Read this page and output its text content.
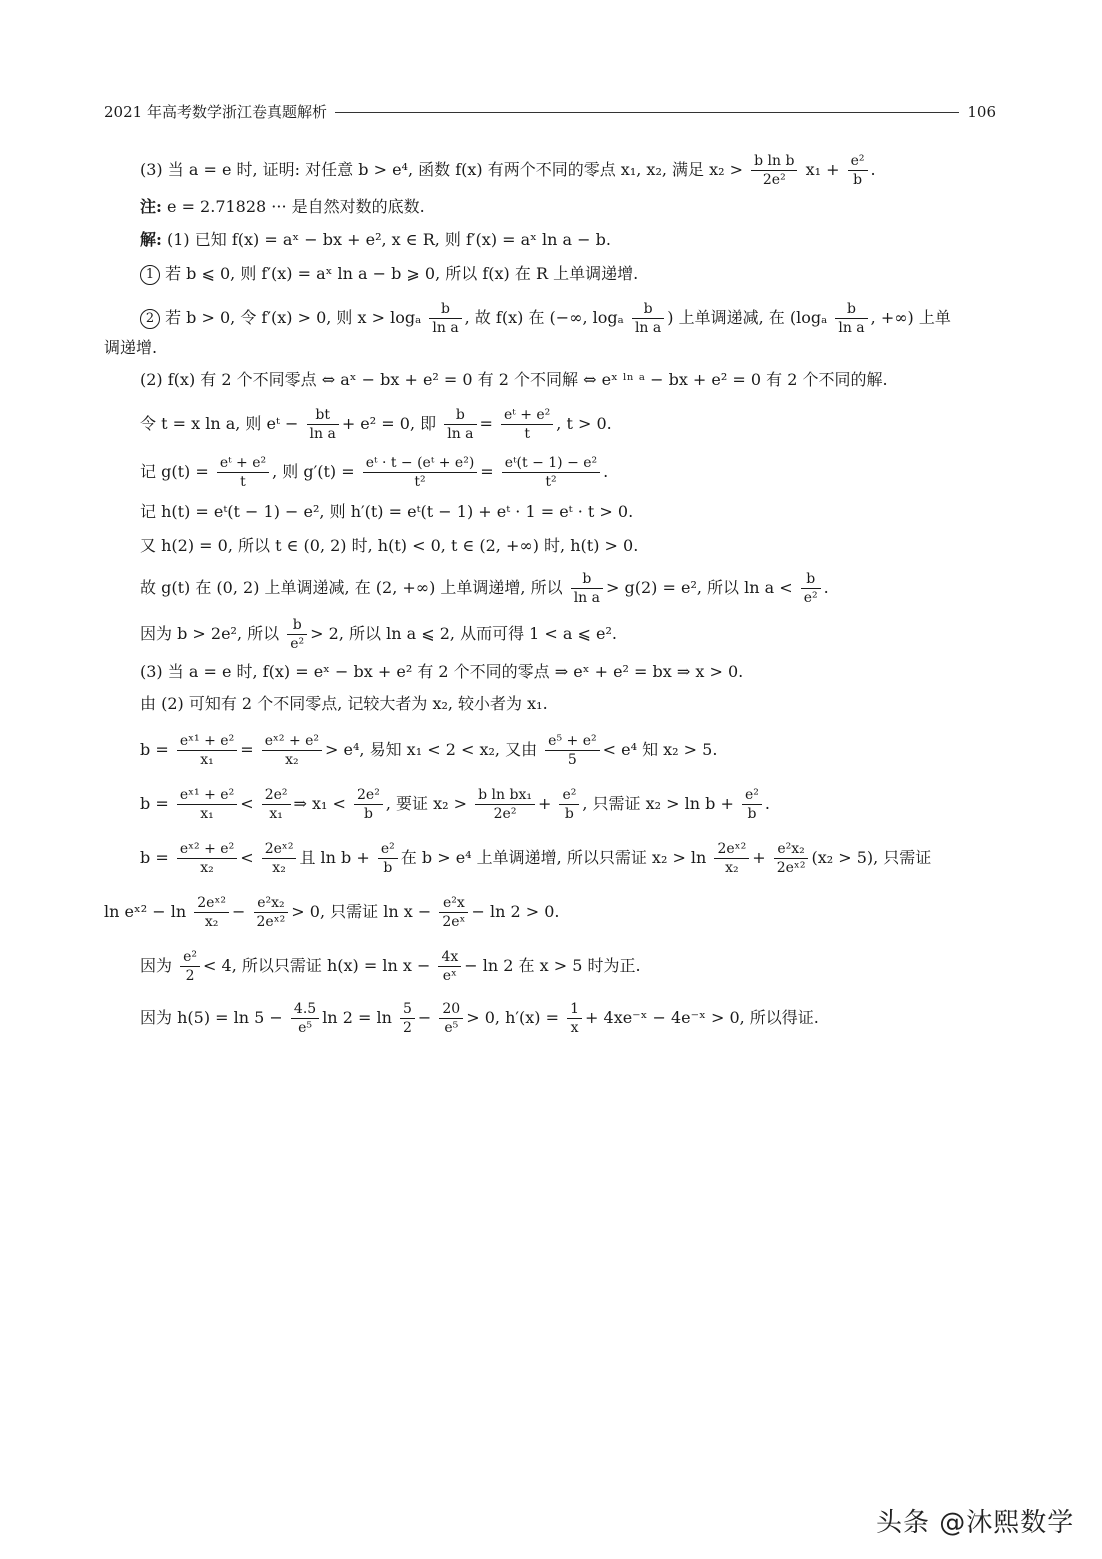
2021 年高考数学浙江卷真题解析	106
(3) 当 a = e 时, 证明: 对任意 b > e⁴, 函数 f(x) 有两个不同的零点 x₁, x₂, 满足 $x_2 > \frac{\text{b ln b}}{\text{2e²}} x_1 + \frac{\text{e²}}{b}$ .
注: e = 2.71828 ··· 是自然对数的底数.
解: (1) 已知 f(x) = aˣ − bx + e², x ∈ R, 则 f′(x) = aˣ ln a − b.
1 若 b ⩽ 0, 则 f′(x) = aˣ ln a − b ⩾ 0, 所以 f(x) 在 R 上单调递增.
2 若 b > 0, 令 f′(x) > 0, 则 x > logₐ $\frac{b}{\text{ln a}}$ , 故 f(x) 在 (−∞, logₐ $\frac{b}{\text{ln a}}$ ) 上单调递减, 在 ($\log_a \frac{b}{\text{ln a}}$ , +∞) 上单
调递增.
(2) f(x) 有 2 个不同零点 ⇔ aˣ − bx + e² = 0 有 2 个不同解 ⇔ eˣ ˡⁿ ᵃ − bx + e² = 0 有 2 个不同的解.
令 t = x ln a, 则 eᵗ − $\frac{bt}{\text{ln a}} + e^2 = 0$, 即 $\frac{b}{\text{ln a}} = \frac{\text{eᵗ + e²}}{t}$ , t > 0.
记 $g(t) = \frac{\text{eᵗ + e²}}{t}$ , 则 $g'(t) = \frac{\text{eᵗ · t − (eᵗ + e²)}}{\text{t²}} = \frac{\text{eᵗ(t − 1) − e²}}{\text{t²}}$ .
记 h(t) = eᵗ(t − 1) − e², 则 h′(t) = eᵗ(t − 1) + eᵗ · 1 = eᵗ · t > 0.
又 h(2) = 0, 所以 t ∈ (0, 2) 时, h(t) < 0, t ∈ (2, +∞) 时, h(t) > 0.
故 g(t) 在 (0, 2) 上单调递减, 在 (2, +∞) 上单调递增, 所以 $\frac{b}{\text{ln a}} > g(2) = e^2$, 所以 $\ln a < \frac{b}{\text{e²}}$ .
因为 b > 2e², 所以 $\frac{b}{\text{e²}} > 2$, 所以 ln a ⩽ 2, 从而可得 1 < a ⩽ e².
(3) 当 a = e 时, f(x) = eˣ − bx + e² 有 2 个不同的零点 ⇒ eˣ + e² = bx ⇒ x > 0.
由 (2) 可知有 2 个不同零点, 记较大者为 x₂, 较小者为 x₁.
$b = \frac{\text{eˣ¹ + e²}}{\text{x₁}} = \frac{\text{eˣ² + e²}}{\text{x₂}} > e^4$, 易知 x₁ < 2 < x₂, 又由 $\frac{\text{e⁵ + e²}}{5} < e^4$ 知 x₂ > 5.
$b = \frac{\text{eˣ¹ + e²}}{\text{x₁}} < \frac{\text{2e²}}{\text{x₁}}$ ⇒ $x_1 < \frac{\text{2e²}}{b}$ , 要证 $x_2 > \frac{\text{b ln bx₁}}{\text{2e²}} + \frac{\text{e²}}{b}$ , 只需证 $x_2 > \ln b + \frac{\text{e²}}{b}$ .
$b = \frac{\text{eˣ² + e²}}{\text{x₂}} < \frac{\text{2eˣ²}}{\text{x₂}}$ 且 $\ln b + \frac{\text{e²}}{b}$ 在 b > e⁴ 上单调递增, 所以只需证 $x_2 > \ln \frac{\text{2eˣ²}}{\text{x₂}} + \frac{\text{e²x₂}}{\text{2eˣ²}} (x_2 > 5)$, 只需证
ln eˣ² − $\ln \frac{\text{2eˣ²}}{\text{x₂}} - \frac{\text{e²x₂}}{\text{2eˣ²}} > 0$, 只需证 $\ln x - \frac{\text{e²x}}{\text{2eˣ}} - \ln 2 > 0$.
因为 $\frac{\text{e²}}{2} < 4$, 所以只需证 $h(x) = \ln x - \frac{4x}{\text{eˣ}} - \ln 2$ 在 x > 5 时为正.
因为 $h(5) = \ln 5 - \frac{4.5}{\text{e⁵}}$ $\ln 2 = \ln \frac{5}{2} - \frac{20}{\text{e⁵}} > 0$, $h'(x) = \frac{1}{x}$ + 4xe⁻ˣ − 4e⁻ˣ > 0, 所以得证.
头条 @沐熙数学
